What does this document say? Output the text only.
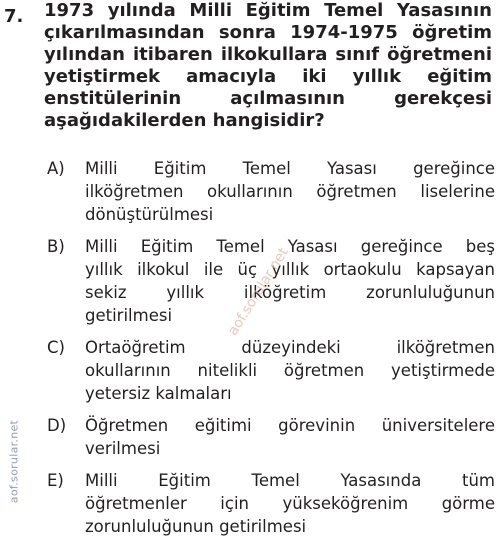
7. 1973 yılında Milli Eğitim Temel Yasasının
çıkarılmasından sonra 1974-1975 öğretim
yılından itibaren ilkokullara sınıf öğretmeni
yetiştirmek amacıyla iki yıllık eğitim
enstitülerinin açılmasının gerekçesi
aşağıdakilerden hangisidir?
A)	Milli Eğitim Temel Yasası gereğince
ilköğretmen okullarının öğretmen liselerine
dönüştürülmesi
B)	Milli Eğitim Temel Yasası gereğince beş
yıllık ilkokul ile üç yıllık ortaokulu kapsayan
sekiz yıllık ilköğretim zorunluluğunun
getirilmesi
C)	Ortaöğretim düzeyindeki ilköğretmen
okullarının nitelikli öğretmen yetiştirmede
yetersiz kalmaları
D)	Öğretmen eğitimi görevinin üniversitelere
verilmesi
E)	Milli Eğitim Temel Yasasında tüm
öğretmenler için yükseköğrenim görme
zorunluluğunun getirilmesi
aof.sorular.net
aof.sorular.net
